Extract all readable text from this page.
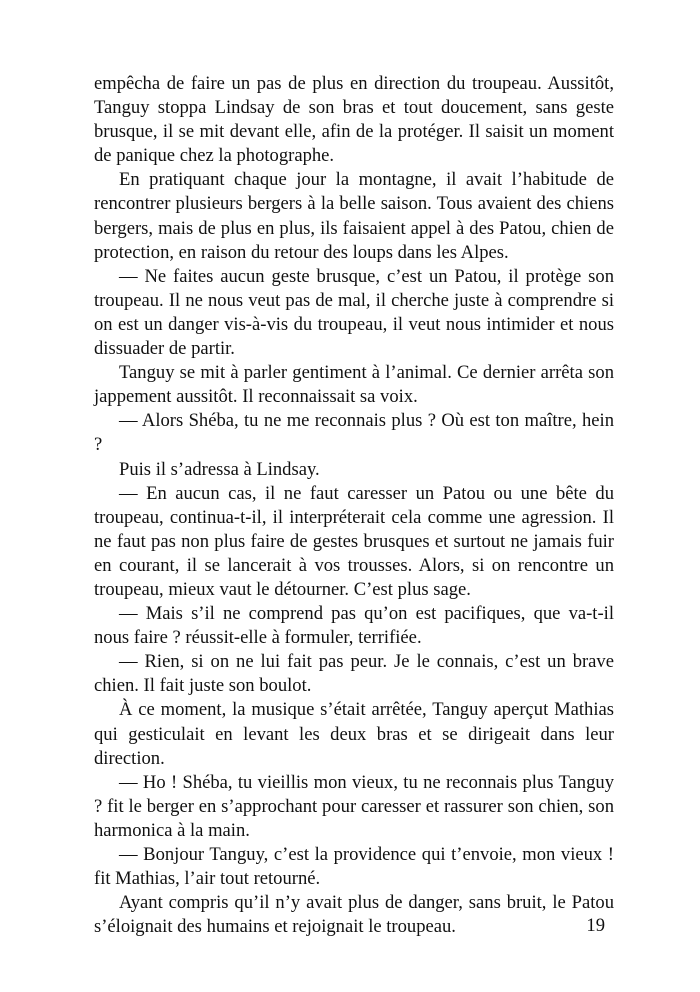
empêcha de faire un pas de plus en direction du troupeau. Aussitôt, Tanguy stoppa Lindsay de son bras et tout doucement, sans geste brusque, il se mit devant elle, afin de la protéger. Il saisit un moment de panique chez la photographe.

En pratiquant chaque jour la montagne, il avait l’habitude de rencontrer plusieurs bergers à la belle saison. Tous avaient des chiens bergers, mais de plus en plus, ils faisaient appel à des Patou, chien de protection, en raison du retour des loups dans les Alpes.

— Ne faites aucun geste brusque, c’est un Patou, il protège son troupeau. Il ne nous veut pas de mal, il cherche juste à comprendre si on est un danger vis-à-vis du troupeau, il veut nous intimider et nous dissuader de partir.

Tanguy se mit à parler gentiment à l’animal. Ce dernier arrêta son jappement aussitôt. Il reconnaissait sa voix.

— Alors Shéba, tu ne me reconnais plus ? Où est ton maître, hein ?

Puis il s’adressa à Lindsay.

— En aucun cas, il ne faut caresser un Patou ou une bête du troupeau, continua-t-il, il interpréterait cela comme une agression. Il ne faut pas non plus faire de gestes brusques et surtout ne jamais fuir en courant, il se lancerait à vos trousses. Alors, si on rencontre un troupeau, mieux vaut le détourner. C’est plus sage.

— Mais s’il ne comprend pas qu’on est pacifiques, que va-t-il nous faire ? réussit-elle à formuler, terrifiée.

— Rien, si on ne lui fait pas peur. Je le connais, c’est un brave chien. Il fait juste son boulot.

À ce moment, la musique s’était arrêtée, Tanguy aperçut Mathias qui gesticulait en levant les deux bras et se dirigeait dans leur direction.

— Ho ! Shéba, tu vieillis mon vieux, tu ne reconnais plus Tanguy ? fit le berger en s’approchant pour caresser et rassurer son chien, son harmonica à la main.

— Bonjour Tanguy, c’est la providence qui t’envoie, mon vieux ! fit Mathias, l’air tout retourné.

Ayant compris qu’il n’y avait plus de danger, sans bruit, le Patou s’éloignait des humains et rejoignait le troupeau.	19
